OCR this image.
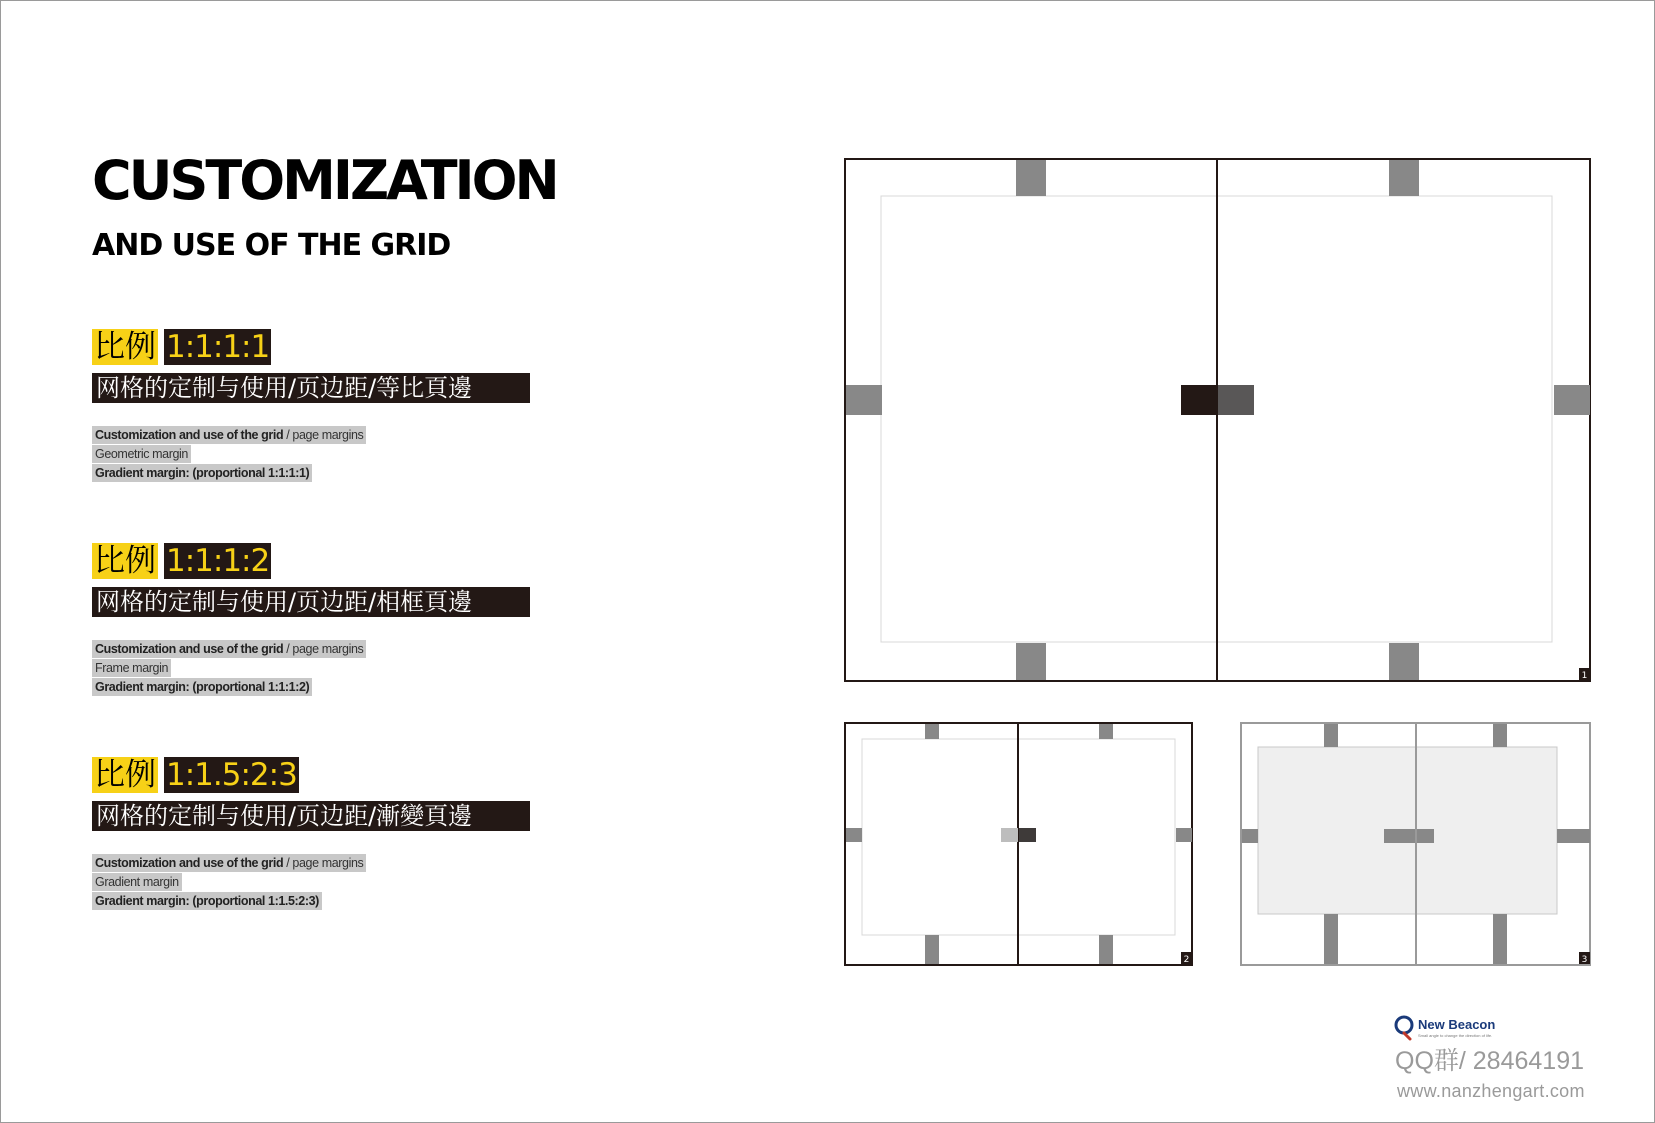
CUSTOMIZATION
AND USE OF THE GRID
比例 1:1:1:1
网格的定制与使用/页边距/等比頁邊
Customization and use of the grid / page margins
Geometric margin
Gradient margin: (proportional 1:1:1:1)
比例 1:1:1:2
网格的定制与使用/页边距/相框頁邊
Customization and use of the grid / page margins
Frame margin
Gradient margin: (proportional 1:1:1:2)
比例 1:1.5:2:3
网格的定制与使用/页边距/漸變頁邊
Customization and use of the grid / page margins
Gradient margin
Gradient margin: (proportional 1:1.5:2:3)
1
2	3
New Beacon
Small angle to change the direction of life.
QQ群/ 28464191
www.nanzhengart.com
